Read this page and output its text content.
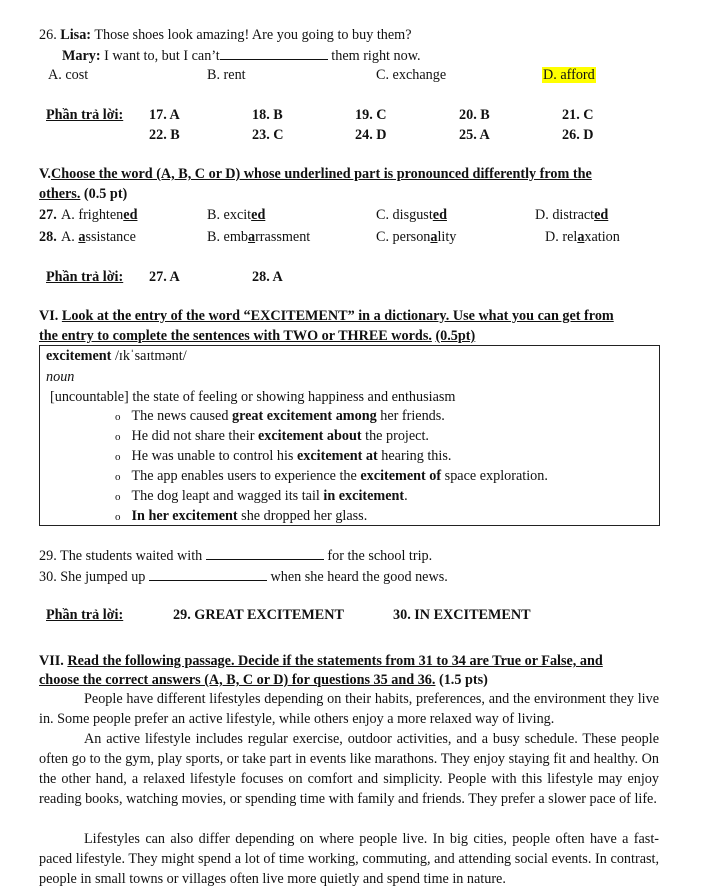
26. Lisa: Those shoes look amazing! Are you going to buy them?
Mary: I want to, but I can’t	them right now.
A. cost	B. rent	C. exchange	D. afford
Phần trả lời: 17. A	18. B	19. C	20. B	21. C
22. B	23. C	24. D	25. A	26. D
V.Choose the word (A, B, C or D) whose underlined part is pronounced differently from the
others. (0.5 pt)
27. A. frightened	B. excited	C. disgusted	D. distracted
28. A. assistance	B. embarrassment	C. personality	D. relaxation
Phần trả lời: 27. A	28. A
VI. Look at the entry of the word “EXCITEMENT” in a dictionary. Use what you can get from
the entry to complete the sentences with TWO or THREE words. (0.5pt)
excitement /ɪkˈsaɪtmənt/
noun
[uncountable] the state of feeling or showing happiness and enthusiasm
o The news caused great excitement among her friends.
o He did not share their excitement about the project.
o He was unable to control his excitement at hearing this.
o The app enables users to experience the excitement of space exploration.
o The dog leapt and wagged its tail in excitement.
o In her excitement she dropped her glass.
29. The students waited with	for the school trip.
30. She jumped up	when she heard the good news.
Phần trả lời:	29. GREAT EXCITEMENT	30. IN EXCITEMENT
VII. Read the following passage. Decide if the statements from 31 to 34 are True or False, and
choose the correct answers (A, B, C or D) for questions 35 and 36. (1.5 pts)
People have different lifestyles depending on their habits, preferences, and the environment they live in. Some people prefer an active lifestyle, while others enjoy a more relaxed way of living.
An active lifestyle includes regular exercise, outdoor activities, and a busy schedule. These people often go to the gym, play sports, or take part in events like marathons. They enjoy staying fit and healthy. On the other hand, a relaxed lifestyle focuses on comfort and simplicity. People with this lifestyle may enjoy reading books, watching movies, or spending time with family and friends. They prefer a slower pace of life.
Lifestyles can also differ depending on where people live. In big cities, people often have a fast-paced lifestyle. They might spend a lot of time working, commuting, and attending social events. In contrast, people in small towns or villages often live more quietly and spend time in nature.
